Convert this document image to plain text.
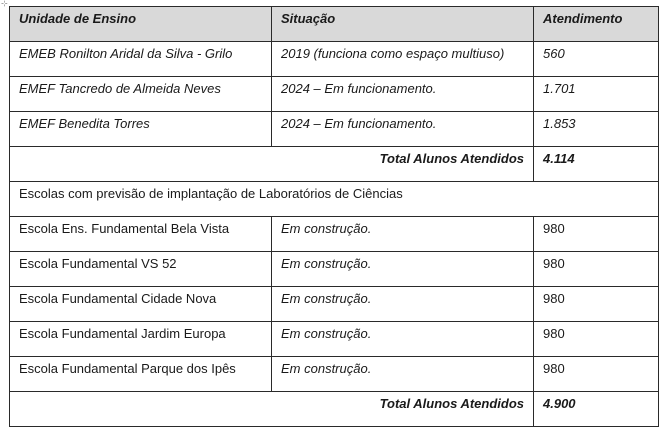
⊹
Unidade de Ensino	Situação	Atendimento
EMEB Ronilton Aridal da Silva - Grilo	2019 (funciona como espaço multiuso)	560
EMEF Tancredo de Almeida Neves	2024 – Em funcionamento.	1.701
EMEF Benedita Torres	2024 – Em funcionamento.	1.853
Total Alunos Atendidos		4.114
Escolas com previsão de implantação de Laboratórios de Ciências		
Escola Ens. Fundamental Bela Vista	Em construção.	980
Escola Fundamental VS 52	Em construção.	980
Escola Fundamental Cidade Nova	Em construção.	980
Escola Fundamental Jardim Europa	Em construção.	980
Escola Fundamental Parque dos Ipês	Em construção.	980
Total Alunos Atendidos		4.900
